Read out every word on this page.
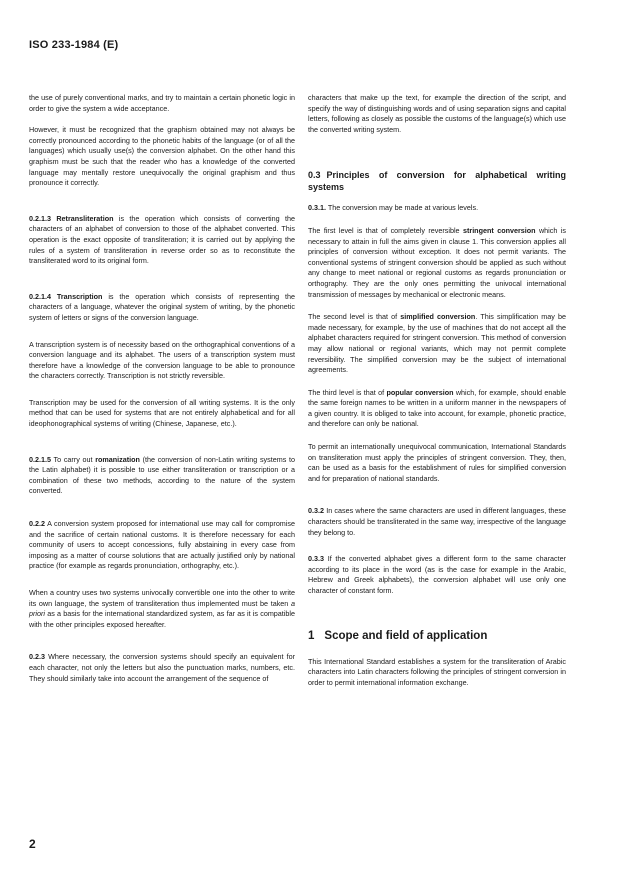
ISO 233-1984 (E)

the use of purely conventional marks, and try to maintain a certain phonetic logic in order to give the system a wide acceptance.

However, it must be recognized that the graphism obtained may not always be correctly pronounced according to the phonetic habits of the language (or of all the languages) which usually use(s) the conversion alphabet. On the other hand this graphism must be such that the reader who has a knowledge of the converted language may mentally restore unequivocally the original graphism and thus pronounce it correctly.

0.2.1.3 Retransliteration is the operation which consists of converting the characters of an alphabet of conversion to those of the alphabet converted. This operation is the exact opposite of transliteration; it is carried out by applying the rules of a system of transliteration in reverse order so as to reconstitute the transliterated word to its original form.

0.2.1.4 Transcription is the operation which consists of representing the characters of a language, whatever the original system of writing, by the phonetic system of letters or signs of the conversion language.

A transcription system is of necessity based on the orthographical conventions of a conversion language and its alphabet. The users of a transcription system must therefore have a knowledge of the conversion language to be able to pronounce the characters correctly. Transcription is not strictly reversible.

Transcription may be used for the conversion of all writing systems. It is the only method that can be used for systems that are not entirely alphabetical and for all ideophonographical systems of writing (Chinese, Japanese, etc.).

0.2.1.5 To carry out romanization (the conversion of non-Latin writing systems to the Latin alphabet) it is possible to use either transliteration or transcription or a combination of these two methods, according to the nature of the system converted.

0.2.2 A conversion system proposed for international use may call for compromise and the sacrifice of certain national customs. It is therefore necessary for each community of users to accept concessions, fully abstaining in every case from imposing as a matter of course solutions that are actually justified only by national practice (for example as regards pronunciation, orthography, etc.).

When a country uses two systems univocally convertible one into the other to write its own language, the system of transliteration thus implemented must be taken a priori as a basis for the international standardized system, as far as it is compatible with the other principles exposed hereafter.

0.2.3 Where necessary, the conversion systems should specify an equivalent for each character, not only the letters but also the punctuation marks, numbers, etc. They should similarly take into account the arrangement of the sequence of

characters that make up the text, for example the direction of the script, and specify the way of distinguishing words and of using separation signs and capital letters, following as closely as possible the customs of the language(s) which use the converted writing system.

0.3 Principles of conversion for alphabetical writing systems

0.3.1. The conversion may be made at various levels.

The first level is that of completely reversible stringent conversion which is necessary to attain in full the aims given in clause 1. This conversion applies all principles of conversion without exception. It does not permit variants. The conventional systems of stringent conversion should be applied as such without any change to meet national or regional customs as regards pronunciation or orthography. They are the only ones permitting the univocal international transmission of messages by mechanical or electronic means.

The second level is that of simplified conversion. This simplification may be made necessary, for example, by the use of machines that do not accept all the alphabet characters required for stringent conversion. This method of conversion may allow national or regional variants, which may not permit complete reversibility. The simplified conversion may be the subject of international agreements.

The third level is that of popular conversion which, for example, should enable the same foreign names to be written in a uniform manner in the newspapers of a given country. It is obliged to take into account, for example, phonetic practice, and therefore can only be national.

To permit an internationally unequivocal communication, International Standards on transliteration must apply the principles of stringent conversion. They, then, can be used as a basis for the establishment of rules for simplified conversion and for preparation of national standards.

0.3.2 In cases where the same characters are used in different languages, these characters should be transliterated in the same way, irrespective of the language they belong to.

0.3.3 If the converted alphabet gives a different form to the same character according to its place in the word (as is the case for example in the Arabic, Hebrew and Greek alphabets), the conversion alphabet will use only one character of constant form.

1 Scope and field of application

This International Standard establishes a system for the transliteration of Arabic characters into Latin characters following the principles of stringent conversion in order to permit international information exchange.

2
